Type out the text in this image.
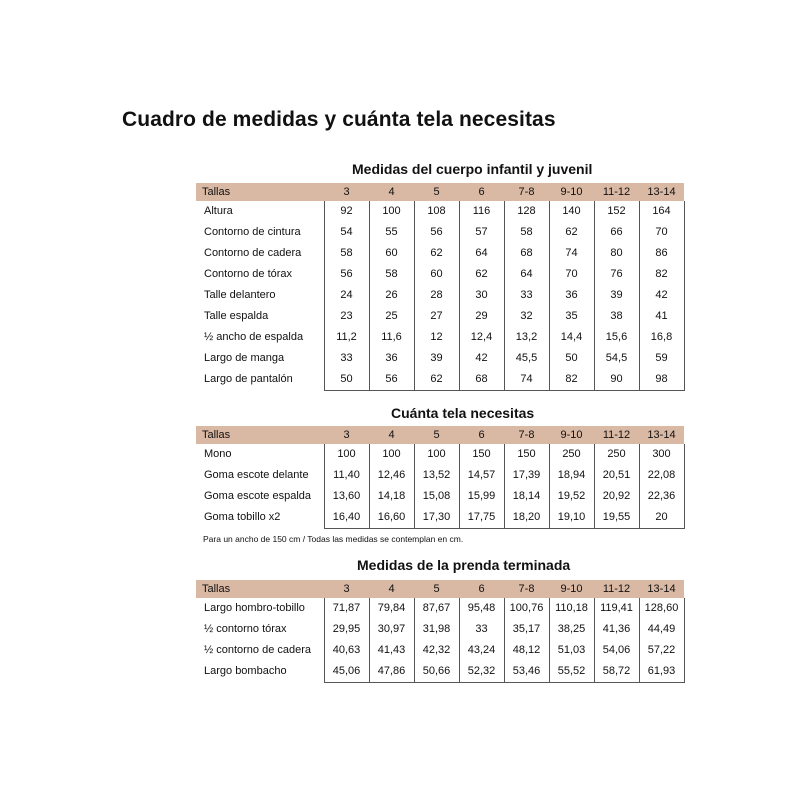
Cuadro de medidas y cuánta tela necesitas
Medidas del cuerpo infantil y juvenil
Tallas	3	4	5	6	7-8	9-10	11-12	13-14
Altura	92	100	108	116	128	140	152	164
Contorno de cintura	54	55	56	57	58	62	66	70
Contorno de cadera	58	60	62	64	68	74	80	86
Contorno de tórax	56	58	60	62	64	70	76	82
Talle delantero	24	26	28	30	33	36	39	42
Talle espalda	23	25	27	29	32	35	38	41
½ ancho de espalda	11,2	11,6	12	12,4	13,2	14,4	15,6	16,8
Largo de manga	33	36	39	42	45,5	50	54,5	59
Largo de pantalón	50	56	62	68	74	82	90	98
Cuánta tela necesitas
Tallas	3	4	5	6	7-8	9-10	11-12	13-14
Mono	100	100	100	150	150	250	250	300
Goma escote delante	11,40	12,46	13,52	14,57	17,39	18,94	20,51	22,08
Goma escote espalda	13,60	14,18	15,08	15,99	18,14	19,52	20,92	22,36
Goma tobillo x2	16,40	16,60	17,30	17,75	18,20	19,10	19,55	20
Para un ancho de 150 cm / Todas las medidas se contemplan en cm.
Medidas de la prenda terminada
Tallas	3	4	5	6	7-8	9-10	11-12	13-14
Largo hombro-tobillo	71,87	79,84	87,67	95,48	100,76	110,18	119,41	128,60
½ contorno tórax	29,95	30,97	31,98	33	35,17	38,25	41,36	44,49
½ contorno de cadera	40,63	41,43	42,32	43,24	48,12	51,03	54,06	57,22
Largo bombacho	45,06	47,86	50,66	52,32	53,46	55,52	58,72	61,93
